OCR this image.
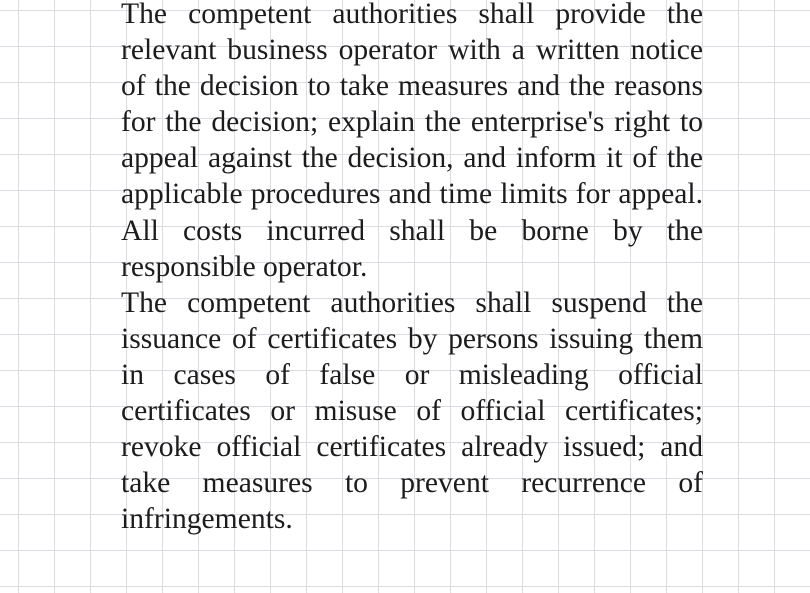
The competent authorities shall provide the relevant business operator with a written notice of the decision to take measures and the reasons for the decision; explain the enterprise's right to appeal against the decision, and inform it of the applicable procedures and time limits for appeal. All costs incurred shall be borne by the responsible operator.

The competent authorities shall suspend the issuance of certificates by persons issuing them in cases of false or misleading official certificates or misuse of official certificates; revoke official certificates already issued; and take measures to prevent recurrence of infringements.
